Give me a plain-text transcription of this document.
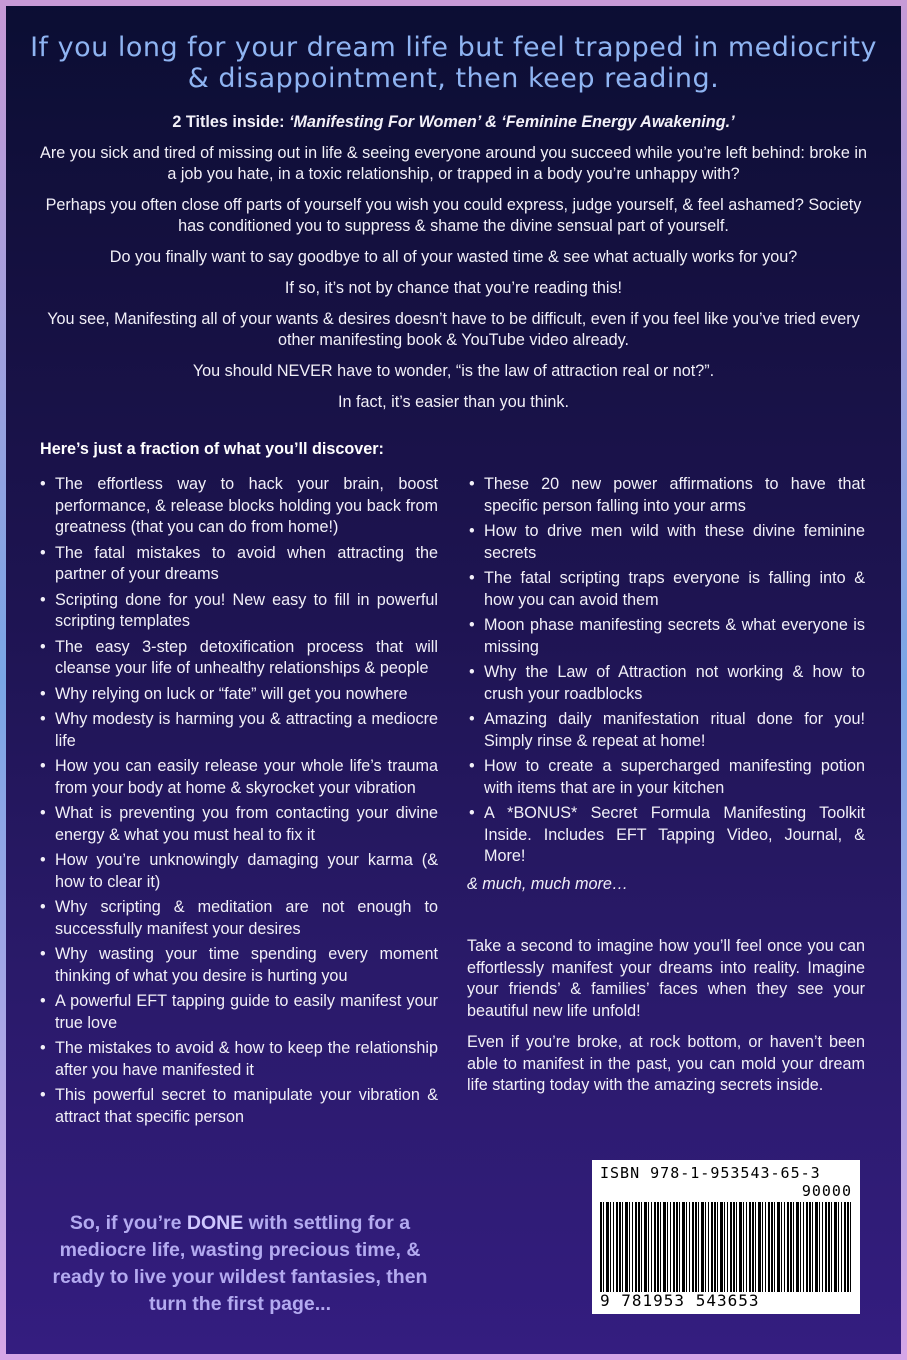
If you long for your dream life but feel trapped in mediocrity & disappointment, then keep reading.

2 Titles inside: ‘Manifesting For Women’ & ‘Feminine Energy Awakening.’

Are you sick and tired of missing out in life & seeing everyone around you succeed while you’re left behind: broke in a job you hate, in a toxic relationship, or trapped in a body you’re unhappy with?

Perhaps you often close off parts of yourself you wish you could express, judge yourself, & feel ashamed? Society has conditioned you to suppress & shame the divine sensual part of yourself.

Do you finally want to say goodbye to all of your wasted time & see what actually works for you?

If so, it’s not by chance that you’re reading this!

You see, Manifesting all of your wants & desires doesn’t have to be difficult, even if you feel like you’ve tried every other manifesting book & YouTube video already.

You should NEVER have to wonder, “is the law of attraction real or not?”.

In fact, it’s easier than you think.

Here’s just a fraction of what you’ll discover:
• The effortless way to hack your brain, boost performance, & release blocks holding you back from greatness (that you can do from home!)
• The fatal mistakes to avoid when attracting the partner of your dreams
• Scripting done for you! New easy to fill in powerful scripting templates
• The easy 3-step detoxification process that will cleanse your life of unhealthy relationships & people
• Why relying on luck or “fate” will get you nowhere
• Why modesty is harming you & attracting a mediocre life
• How you can easily release your whole life’s trauma from your body at home & skyrocket your vibration
• What is preventing you from contacting your divine energy & what you must heal to fix it
• How you’re unknowingly damaging your karma (& how to clear it)
• Why scripting & meditation are not enough to successfully manifest your desires
• Why wasting your time spending every moment thinking of what you desire is hurting you
• A powerful EFT tapping guide to easily manifest your true love
• The mistakes to avoid & how to keep the relationship after you have manifested it
• This powerful secret to manipulate your vibration & attract that specific person
• These 20 new power affirmations to have that specific person falling into your arms
• How to drive men wild with these divine feminine secrets
• The fatal scripting traps everyone is falling into & how you can avoid them
• Moon phase manifesting secrets & what everyone is missing
• Why the Law of Attraction not working & how to crush your roadblocks
• Amazing daily manifestation ritual done for you! Simply rinse & repeat at home!
• How to create a supercharged manifesting potion with items that are in your kitchen
• A *BONUS* Secret Formula Manifesting Toolkit Inside. Includes EFT Tapping Video, Journal, & More!
& much, much more…

Take a second to imagine how you’ll feel once you can effortlessly manifest your dreams into reality. Imagine your friends’ & families’ faces when they see your beautiful new life unfold!

Even if you’re broke, at rock bottom, or haven’t been able to manifest in the past, you can mold your dream life starting today with the amazing secrets inside.

So, if you’re DONE with settling for a mediocre life, wasting precious time, & ready to live your wildest fantasies, then turn the first page...
ISBN 978-1-953543-65-3
90000
9 781953 543653
